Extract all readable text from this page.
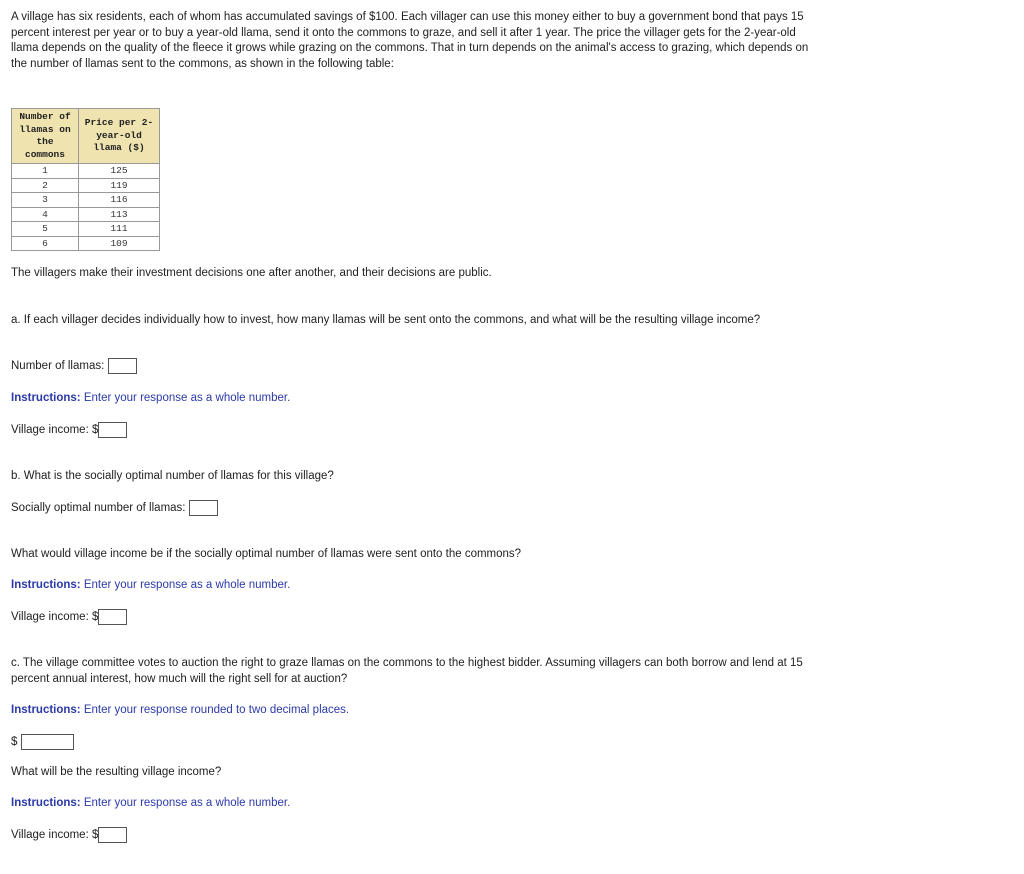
A village has six residents, each of whom has accumulated savings of $100. Each villager can use this money either to buy a government bond that pays 15 percent interest per year or to buy a year-old llama, send it onto the commons to graze, and sell it after 1 year. The price the villager gets for the 2-year-old llama depends on the quality of the fleece it grows while grazing on the commons. That in turn depends on the animal's access to grazing, which depends on the number of llamas sent to the commons, as shown in the following table:

Number of llamas on the commons	Price per 2-year-old llama ($)
1	125
2	119
3	116
4	113
5	111
6	109

The villagers make their investment decisions one after another, and their decisions are public.

a. If each villager decides individually how to invest, how many llamas will be sent onto the commons, and what will be the resulting village income?

Number of llamas:

Instructions: Enter your response as a whole number.

Village income: $

b. What is the socially optimal number of llamas for this village?

Socially optimal number of llamas:

What would village income be if the socially optimal number of llamas were sent onto the commons?

Instructions: Enter your response as a whole number.

Village income: $

c. The village committee votes to auction the right to graze llamas on the commons to the highest bidder. Assuming villagers can both borrow and lend at 15 percent annual interest, how much will the right sell for at auction?

Instructions: Enter your response rounded to two decimal places.

$

What will be the resulting village income?

Instructions: Enter your response as a whole number.

Village income: $
